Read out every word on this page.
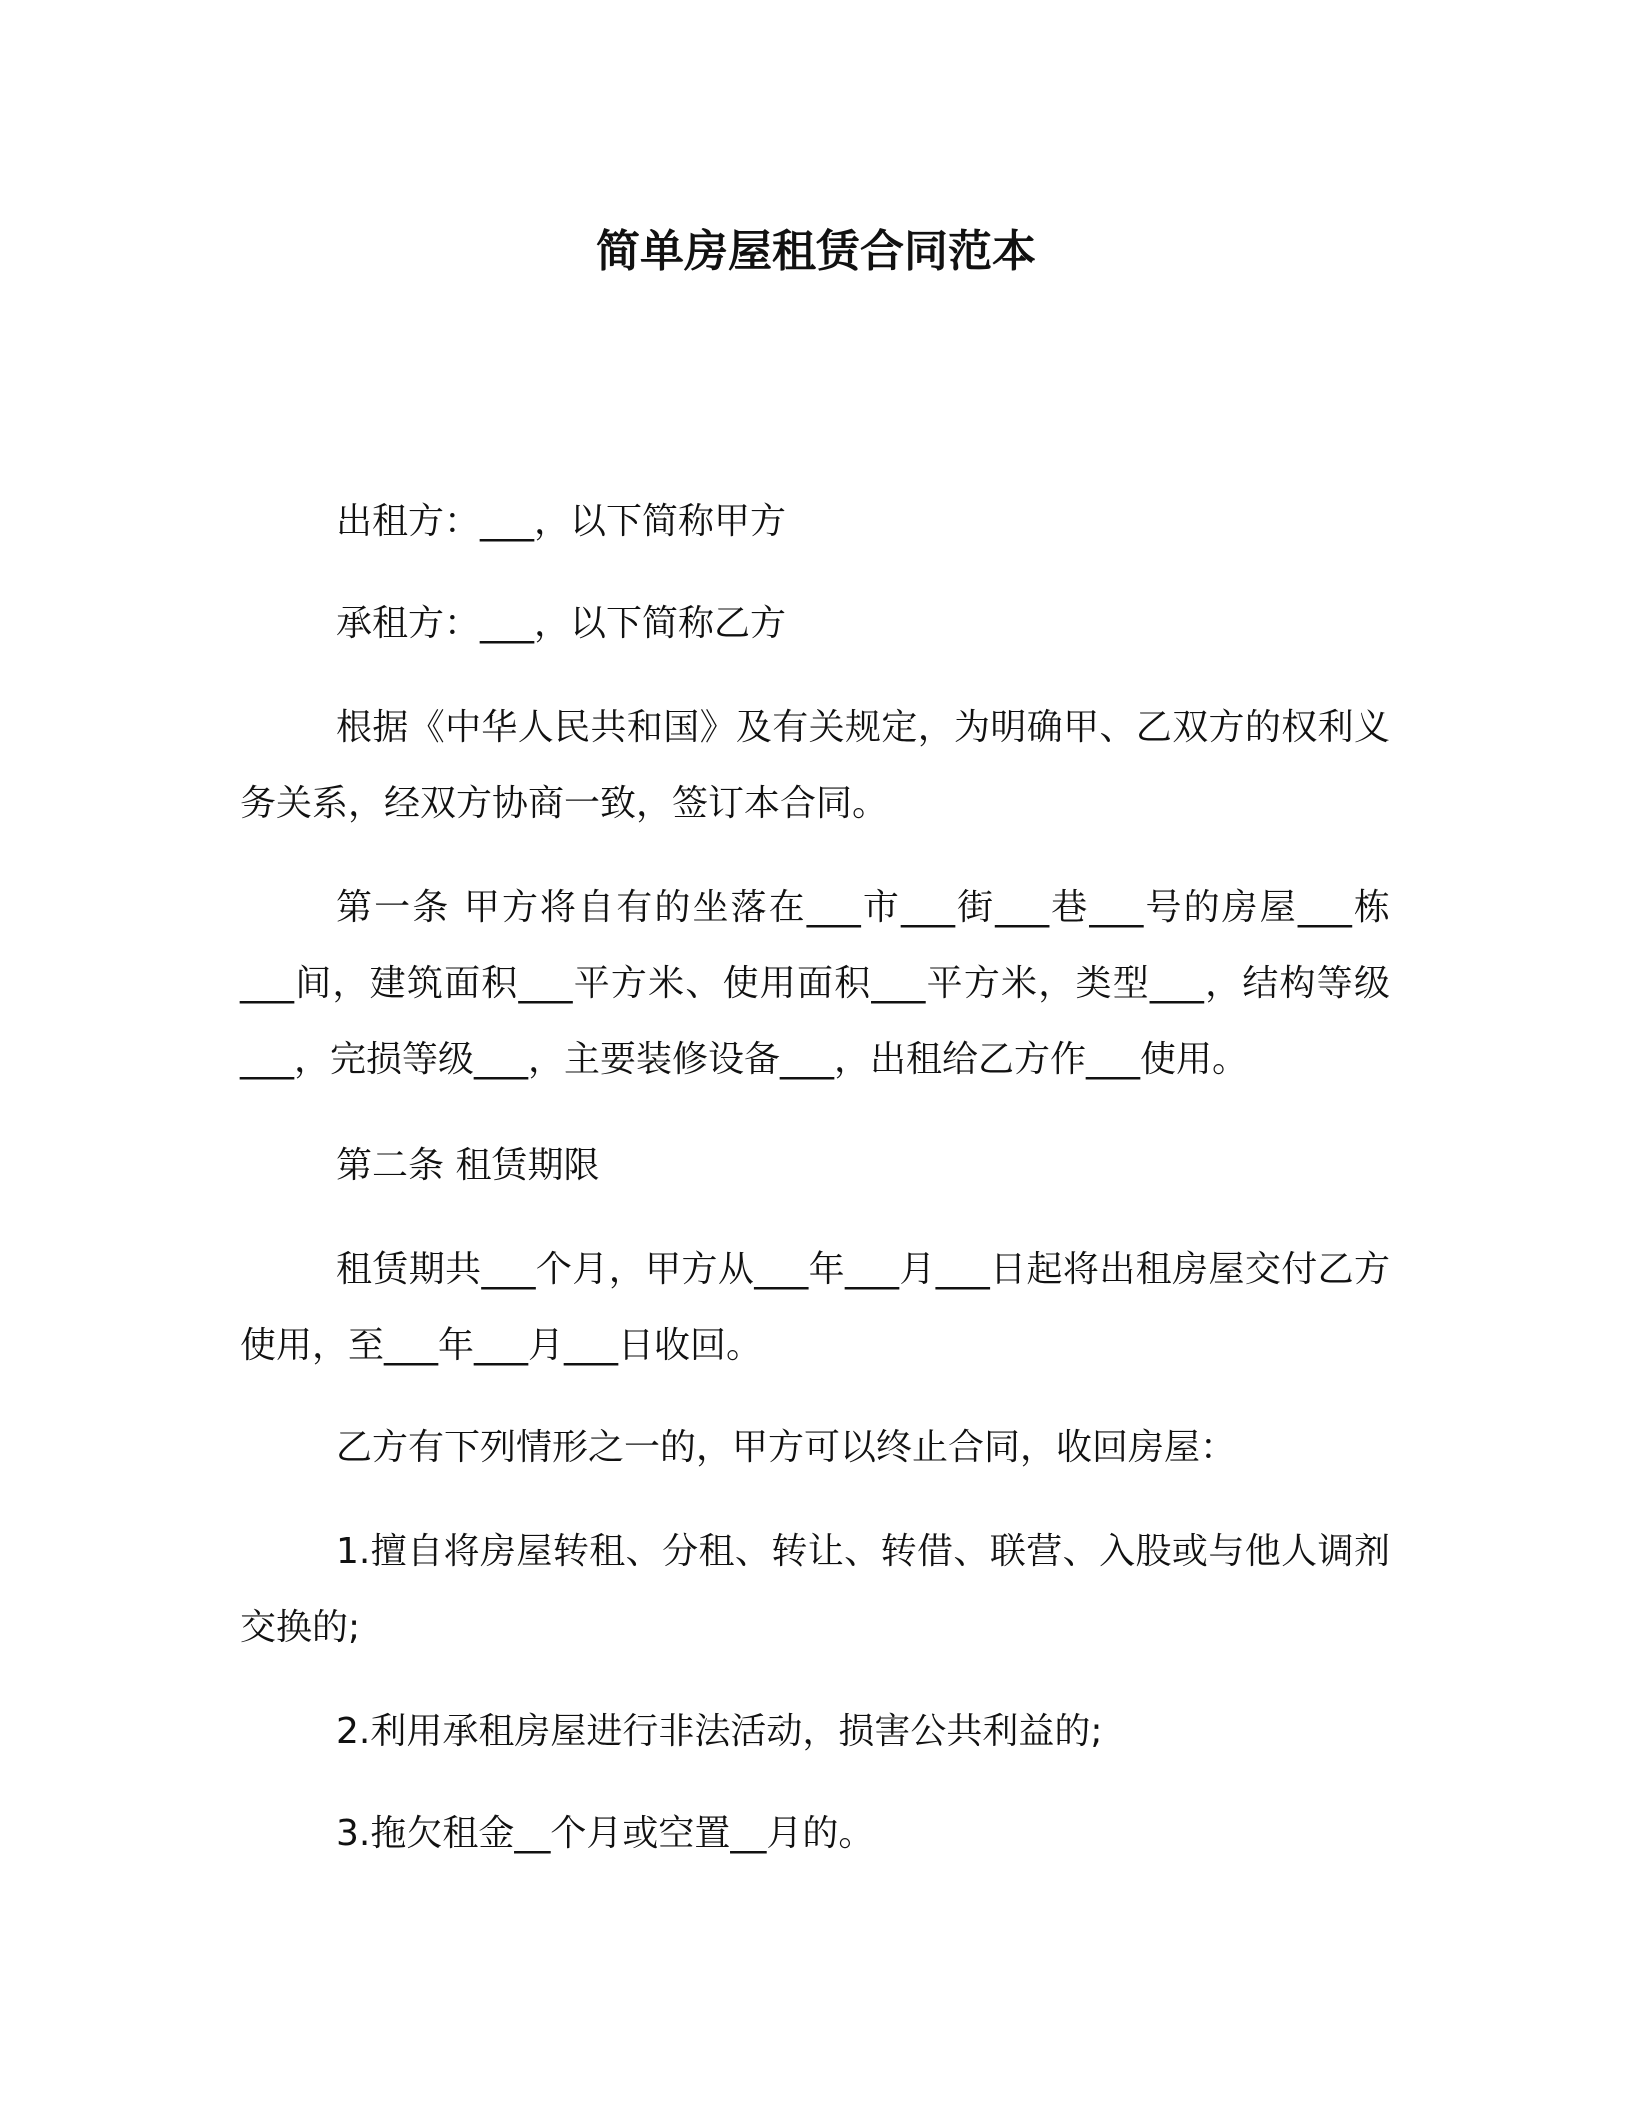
简单房屋租赁合同范本

出租方：___，以下简称甲方

承租方：___，以下简称乙方

根据《中华人民共和国》及有关规定，为明确甲、乙双方的权利义务关系，经双方协商一致，签订本合同。

第一条 甲方将自有的坐落在___市___街___巷___号的房屋___栋___间，建筑面积___平方米、使用面积___平方米，类型___，结构等级___，完损等级___，主要装修设备___，出租给乙方作___使用。

第二条 租赁期限

租赁期共___个月，甲方从___年___月___日起将出租房屋交付乙方使用，至___年___月___日收回。

乙方有下列情形之一的，甲方可以终止合同，收回房屋：

1.擅自将房屋转租、分租、转让、转借、联营、入股或与他人调剂交换的;

2.利用承租房屋进行非法活动，损害公共利益的;

3.拖欠租金__个月或空置__月的。
